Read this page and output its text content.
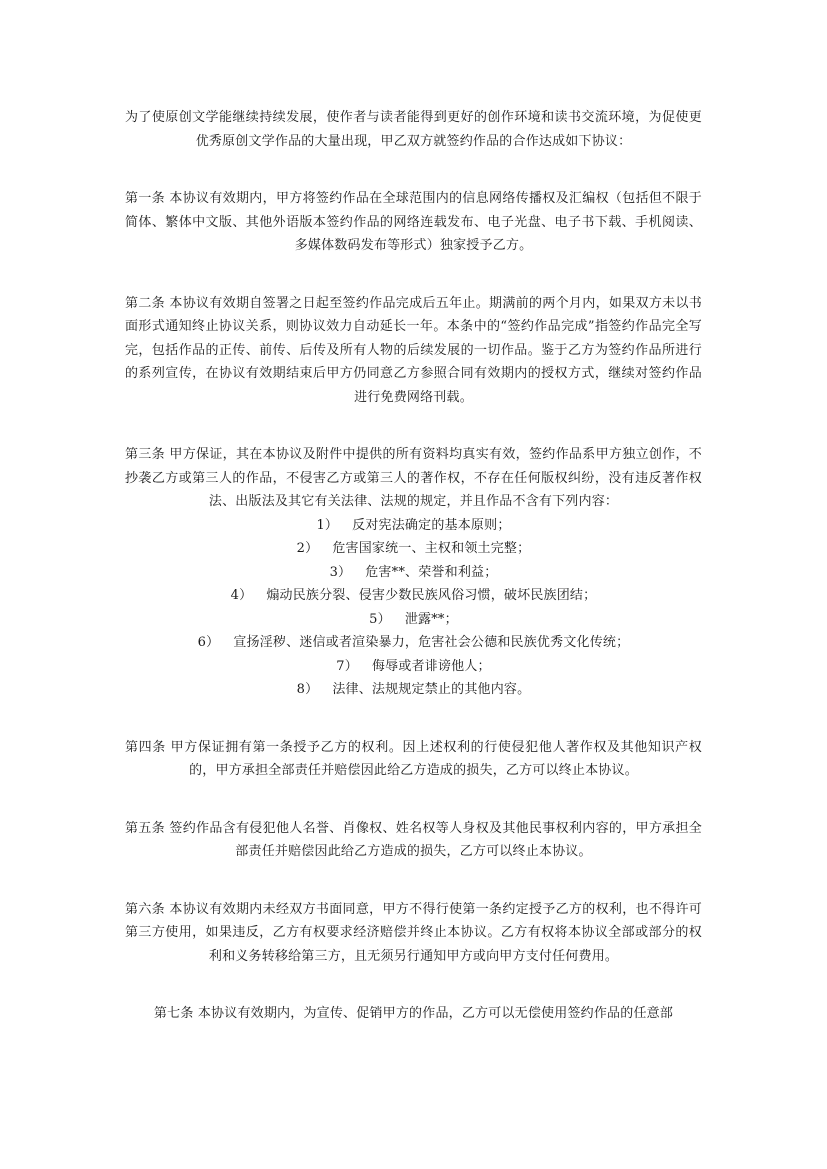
为了使原创文学能继续持续发展，使作者与读者能得到更好的创作环境和读书交流环境，为促使更优秀原创文学作品的大量出现，甲乙双方就签约作品的合作达成如下协议：

第一条 本协议有效期内，甲方将签约作品在全球范围内的信息网络传播权及汇编权（包括但不限于简体、繁体中文版、其他外语版本签约作品的网络连载发布、电子光盘、电子书下载、手机阅读、多媒体数码发布等形式）独家授予乙方。

第二条 本协议有效期自签署之日起至签约作品完成后五年止。期满前的两个月内，如果双方未以书面形式通知终止协议关系，则协议效力自动延长一年。本条中的“签约作品完成”指签约作品完全写完，包括作品的正传、前传、后传及所有人物的后续发展的一切作品。鉴于乙方为签约作品所进行的系列宣传，在协议有效期结束后甲方仍同意乙方参照合同有效期内的授权方式，继续对签约作品进行免费网络刊载。

第三条 甲方保证，其在本协议及附件中提供的所有资料均真实有效，签约作品系甲方独立创作，不抄袭乙方或第三人的作品，不侵害乙方或第三人的著作权，不存在任何版权纠纷，没有违反著作权法、出版法及其它有关法律、法规的规定，并且作品不含有下列内容：

1） 反对宪法确定的基本原则；
2） 危害国家统一、主权和领土完整；
3） 危害**、荣誉和利益；
4） 煽动民族分裂、侵害少数民族风俗习惯，破坏民族团结；
5） 泄露**；
6） 宣扬淫秽、迷信或者渲染暴力，危害社会公德和民族优秀文化传统；
7） 侮辱或者诽谤他人；
8） 法律、法规规定禁止的其他内容。

第四条 甲方保证拥有第一条授予乙方的权利。因上述权利的行使侵犯他人著作权及其他知识产权的，甲方承担全部责任并赔偿因此给乙方造成的损失，乙方可以终止本协议。

第五条 签约作品含有侵犯他人名誉、肖像权、姓名权等人身权及其他民事权利内容的，甲方承担全部责任并赔偿因此给乙方造成的损失，乙方可以终止本协议。

第六条 本协议有效期内未经双方书面同意，甲方不得行使第一条约定授予乙方的权利，也不得许可第三方使用，如果违反，乙方有权要求经济赔偿并终止本协议。乙方有权将本协议全部或部分的权利和义务转移给第三方，且无须另行通知甲方或向甲方支付任何费用。

第七条 本协议有效期内，为宣传、促销甲方的作品，乙方可以无偿使用签约作品的任意部
